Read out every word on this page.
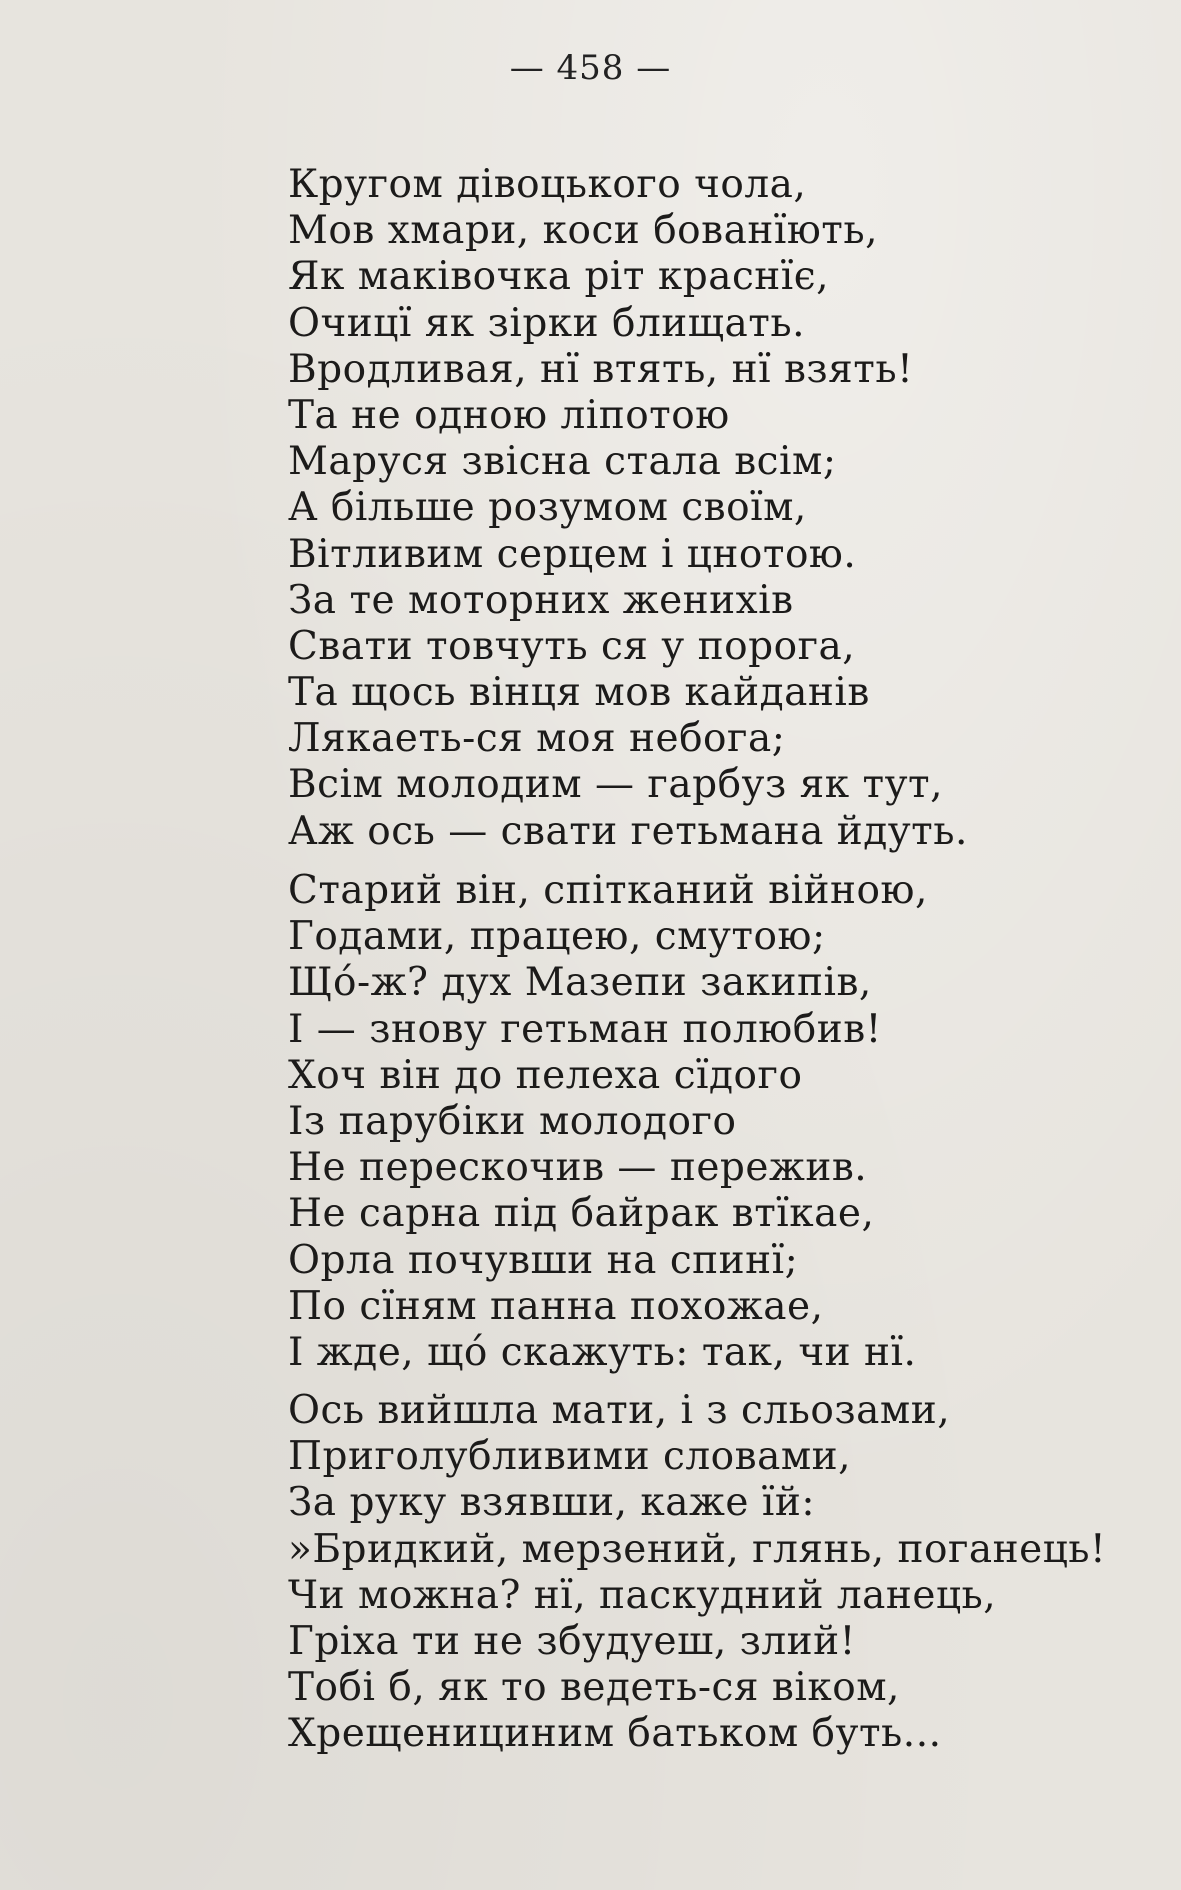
— 458 —
Кругом дівоцького чола,
Мов хмари, коси бованїють,
Як маківочка ріт краснїє,
Очицї як зірки блищать.
Вродливая, нї втять, нї взять!
Та не одною ліпотою
Маруся звісна стала всім;
А більше розумом своїм,
Вітливим серцем і цнотою.
За те моторних женихів
Свати товчуть ся у порога,
Та щось вінця мов кайданів
Лякаеть-ся моя небога;
Всім молодим — гарбуз як тут,
Аж ось — свати гетьмана йдуть.
Старий він, спітканий війною,
Годами, працею, смутою;
Щó-ж? дух Мазепи закипів,
І — знову гетьман полюбив!
Хоч він до пелеха сїдого
Із парубіки молодого
Не перескочив — пережив.
Не сарна під байрак втїкае,
Орла почувши на спинї;
По сїням панна похожае,
І жде, щó скажуть: так, чи нї.
Ось вийшла мати, і з сльозами,
Приголубливими словами,
За руку взявши, каже їй:
»Бридкий, мерзений, глянь, поганець!
Чи можна? нї, паскудний ланець,
Гріха ти не збудуеш, злий!
Тобі б, як то ведеть-ся віком,
Хрещенициним батьком буть...
